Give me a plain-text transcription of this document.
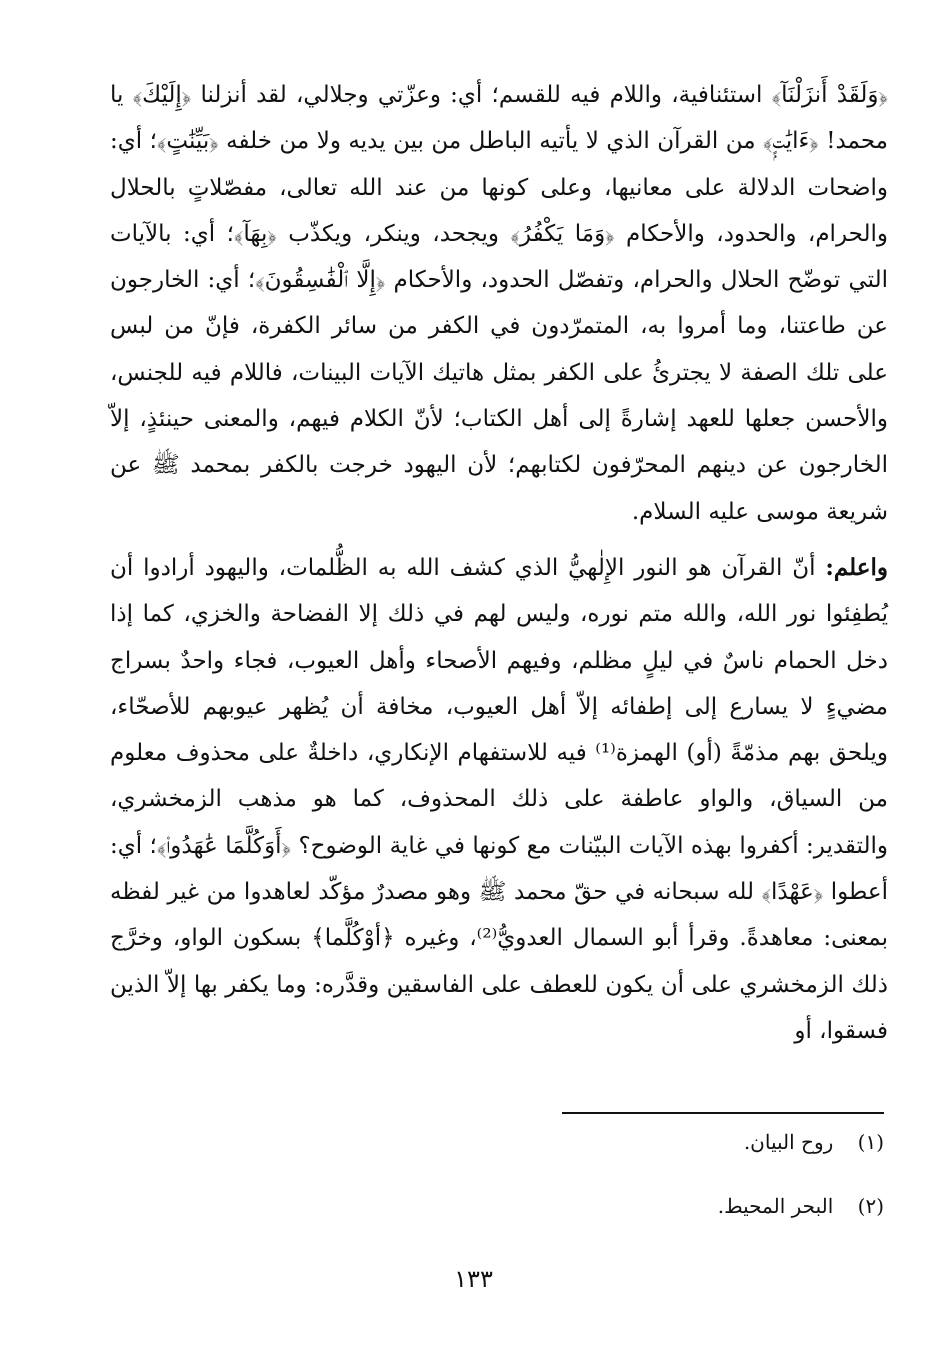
﴿وَلَقَدْ أَنزَلْنَآ﴾ استئنافية، واللام فيه للقسم؛ أي: وعزّتي وجلالي، لقد أنزلنا ﴿إِلَيْكَ﴾ يا محمد! ﴿ءَايَٰتٍۭ﴾ من القرآن الذي لا يأتيه الباطل من بين يديه ولا من خلفه ﴿بَيِّنَٰتٍ﴾؛ أي: واضحات الدلالة على معانيها، وعلى كونها من عند الله تعالى، مفصّلاتٍ بالحلال والحرام، والحدود، والأحكام ﴿وَمَا يَكْفُرُ﴾ ويجحد، وينكر، ويكذّب ﴿بِهَآ﴾؛ أي: بالآيات التي توضّح الحلال والحرام، وتفصّل الحدود، والأحكام ﴿إِلَّا ٱلْفَٰسِقُونَ﴾؛ أي: الخارجون عن طاعتنا، وما أمروا به، المتمرّدون في الكفر من سائر الكفرة، فإنّ من لبس على تلك الصفة لا يجترئُ على الكفر بمثل هاتيك الآيات البينات، فاللام فيه للجنس، والأحسن جعلها للعهد إشارةً إلى أهل الكتاب؛ لأنّ الكلام فيهم، والمعنى حينئذٍ، إلاّ الخارجون عن دينهم المحرّفون لكتابهم؛ لأن اليهود خرجت بالكفر بمحمد ﷺ عن شريعة موسى عليه السلام.

واعلم: أنّ القرآن هو النور الإِلٰهيُّ الذي كشف الله به الظُّلمات، واليهود أرادوا أن يُطفِئوا نور الله، والله متم نوره، وليس لهم في ذلك إلا الفضاحة والخزي، كما إذا دخل الحمام ناسٌ في ليلٍ مظلم، وفيهم الأصحاء وأهل العيوب، فجاء واحدٌ بسراج مضيءٍ لا يسارع إلى إطفائه إلاّ أهل العيوب، مخافة أن يُظهر عيوبهم للأصحّاء، ويلحق بهم مذمّةً (أو) الهمزة⁽¹⁾ فيه للاستفهام الإنكاري، داخلةٌ على محذوف معلوم من السياق، والواو عاطفة على ذلك المحذوف، كما هو مذهب الزمخشري، والتقدير: أكفروا بهذه الآيات البيّنات مع كونها في غاية الوضوح؟ ﴿أَوَكُلَّمَا عَٰهَدُوا۟﴾؛ أي: أعطوا ﴿عَهْدًا﴾ لله سبحانه في حقّ محمد ﷺ وهو مصدرٌ مؤكّد لعاهدوا من غير لفظه بمعنى: معاهدةً. وقرأ أبو السمال العدويُّ⁽²⁾، وغيره ﴿أوْكُلَّما﴾ بسكون الواو، وخرَّج ذلك الزمخشري على أن يكون للعطف على الفاسقين وقدَّره: وما يكفر بها إلاّ الذين فسقوا، أو

(١) روح البيان.

(٢) البحر المحيط.

١٣٣
